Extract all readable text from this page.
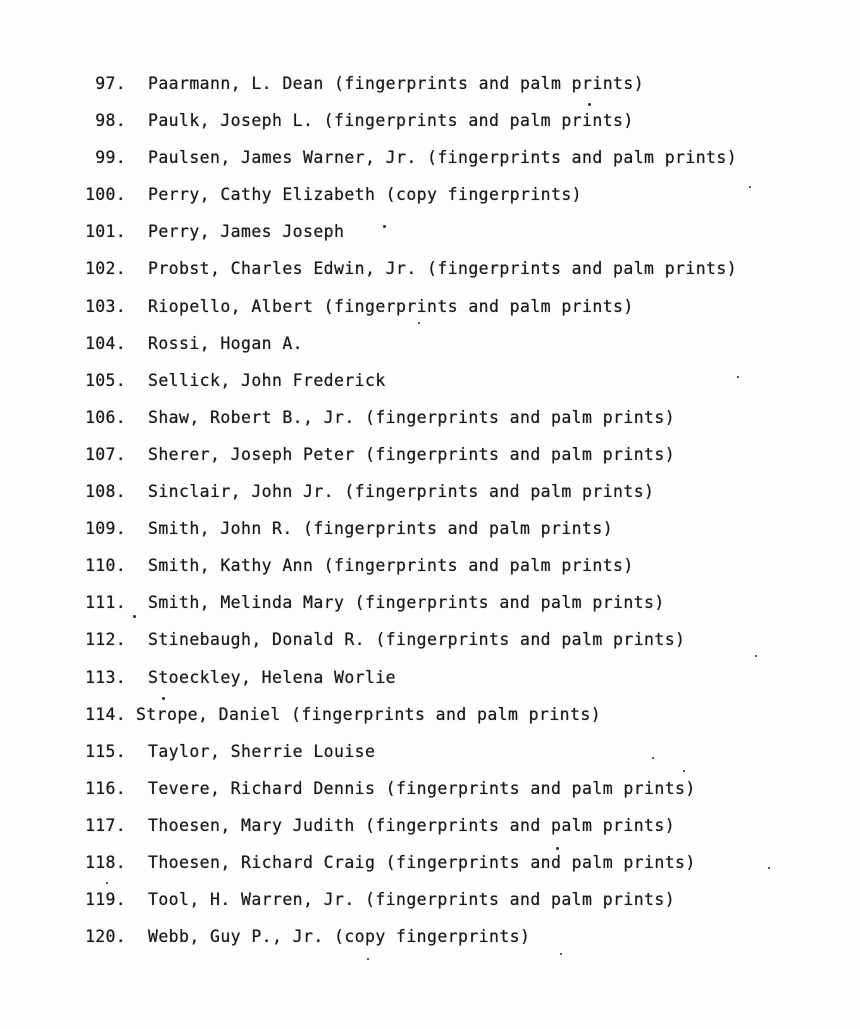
97. Paarmann, L. Dean (fingerprints and palm prints)
98. Paulk, Joseph L. (fingerprints and palm prints)
99. Paulsen, James Warner, Jr. (fingerprints and palm prints)
100. Perry, Cathy Elizabeth (copy fingerprints)
101. Perry, James Joseph
102. Probst, Charles Edwin, Jr. (fingerprints and palm prints)
103. Riopello, Albert (fingerprints and palm prints)
104. Rossi, Hogan A.
105. Sellick, John Frederick
106. Shaw, Robert B., Jr. (fingerprints and palm prints)
107. Sherer, Joseph Peter (fingerprints and palm prints)
108. Sinclair, John Jr. (fingerprints and palm prints)
109. Smith, John R. (fingerprints and palm prints)
110. Smith, Kathy Ann (fingerprints and palm prints)
111. Smith, Melinda Mary (fingerprints and palm prints)
112. Stinebaugh, Donald R. (fingerprints and palm prints)
113. Stoeckley, Helena Worlie
114. Strope, Daniel (fingerprints and palm prints)
115. Taylor, Sherrie Louise
116. Tevere, Richard Dennis (fingerprints and palm prints)
117. Thoesen, Mary Judith (fingerprints and palm prints)
118. Thoesen, Richard Craig (fingerprints and palm prints)
119. Tool, H. Warren, Jr. (fingerprints and palm prints)
120. Webb, Guy P., Jr. (copy fingerprints)
